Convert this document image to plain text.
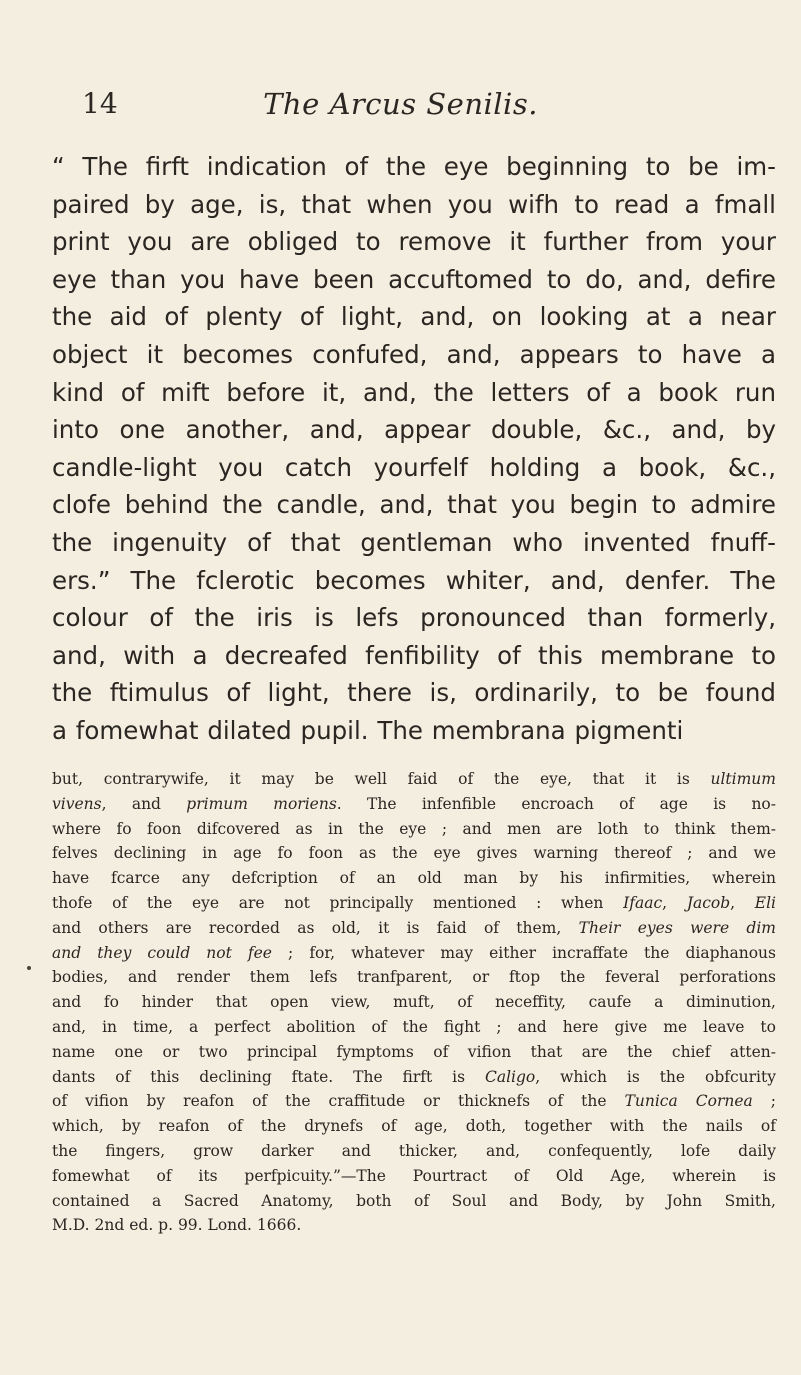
14	The Arcus Senilis.
“ The firft indication of the eye beginning to be im-
paired by age, is, that when you wifh to read a fmall
print you are obliged to remove it further from your
eye than you have been accuftomed to do, and, defire
the aid of plenty of light, and, on looking at a near
object it becomes confufed, and, appears to have a
kind of mift before it, and, the letters of a book run
into one another, and, appear double, &c., and, by
candle-light you catch yourfelf holding a book, &c.,
clofe behind the candle, and, that you begin to admire
the ingenuity of that gentleman who invented fnuff-
ers.” The fclerotic becomes whiter, and, denfer. The
colour of the iris is lefs pronounced than formerly,
and, with a decreafed fenfibility of this membrane to
the ftimulus of light, there is, ordinarily, to be found
a fomewhat dilated pupil. The membrana pigmenti
but, contrarywife, it may be well faid of the eye, that it is ultimum
vivens, and primum moriens. The infenfible encroach of age is no-
where fo foon difcovered as in the eye ; and men are loth to think them-
felves declining in age fo foon as the eye gives warning thereof ; and we
have fcarce any defcription of an old man by his infirmities, wherein
thofe of the eye are not principally mentioned : when Ifaac, Jacob, Eli
and others are recorded as old, it is faid of them, Their eyes were dim
and they could not fee ; for, whatever may either incraffate the diaphanous
bodies, and render them lefs tranfparent, or ftop the feveral perforations
and fo hinder that open view, muft, of neceffity, caufe a diminution,
and, in time, a perfect abolition of the fight ; and here give me leave to
name one or two principal fymptoms of vifion that are the chief atten-
dants of this declining ftate. The firft is Caligo, which is the obfcurity
of vifion by reafon of the craffitude or thicknefs of the Tunica Cornea ;
which, by reafon of the drynefs of age, doth, together with the nails of
the fingers, grow darker and thicker, and, confequently, lofe daily
fomewhat of its perfpicuity.”—The Pourtract of Old Age, wherein is
contained a Sacred Anatomy, both of Soul and Body, by John Smith,
M.D. 2nd ed. p. 99. Lond. 1666.
